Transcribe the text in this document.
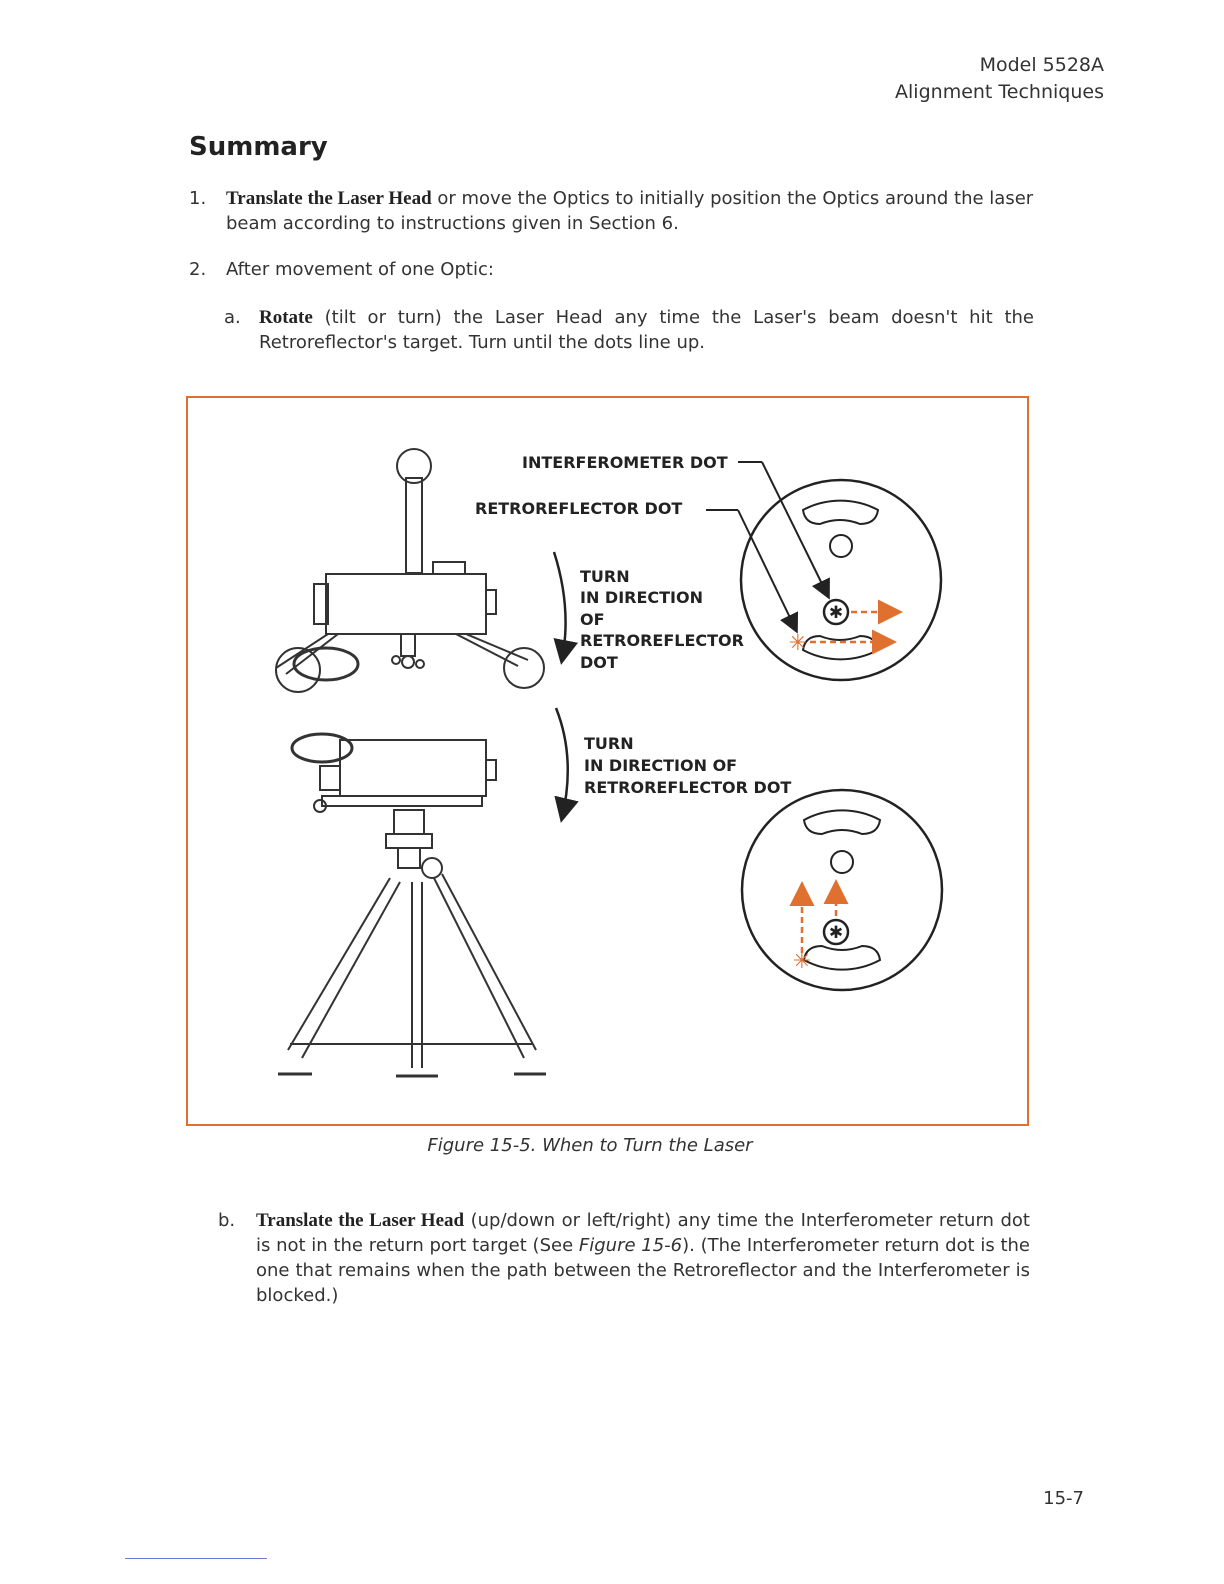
Model 5528A
Alignment Techniques
Summary
1. Translate the Laser Head or move the Optics to initially position the Optics around the laser beam according to instructions given in Section 6.
2. After movement of one Optic:
a. Rotate (tilt or turn) the Laser Head any time the Laser's beam doesn't hit the Retroreflector's target. Turn until the dots line up.
INTERFEROMETER DOT
RETROREFLECTOR DOT
TURN
IN DIRECTION
OF
RETROREFLECTOR
DOT
TURN
IN DIRECTION OF
RETROREFLECTOR DOT
✱
✳
✱
✳
Figure 15-5. When to Turn the Laser
b. Translate the Laser Head (up/down or left/right) any time the Interferometer return dot is not in the return port target (See Figure 15-6). (The Interferometer return dot is the one that remains when the path between the Retroreflector and the Interferometer is blocked.)
15-7
